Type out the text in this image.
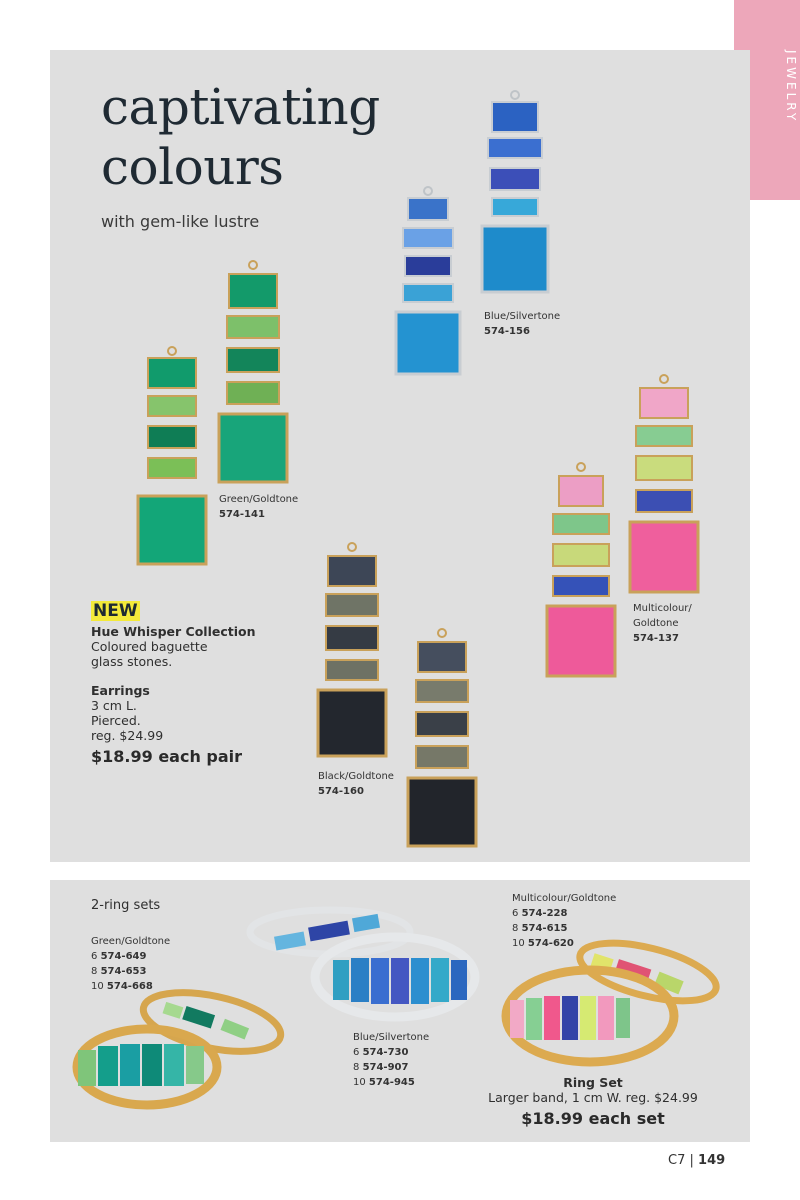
JEWELRY
captivating
colours
with gem-like lustre
Blue/Silvertone
574-156
Green/Goldtone
574-141
Multicolour/
Goldtone
574-137
Black/Goldtone
574-160
NEW
Hue Whisper Collection
Coloured baguette
glass stones.
Earrings
3 cm L.
Pierced.
reg. $24.99
$18.99 each pair
2-ring sets
Green/Goldtone
6 574-649
8 574-653
10 574-668
Blue/Silvertone
6 574-730
8 574-907
10 574-945
Multicolour/Goldtone
6 574-228
8 574-615
10 574-620
Ring Set
Larger band, 1 cm W. reg. $24.99
$18.99 each set
C7 | 149
